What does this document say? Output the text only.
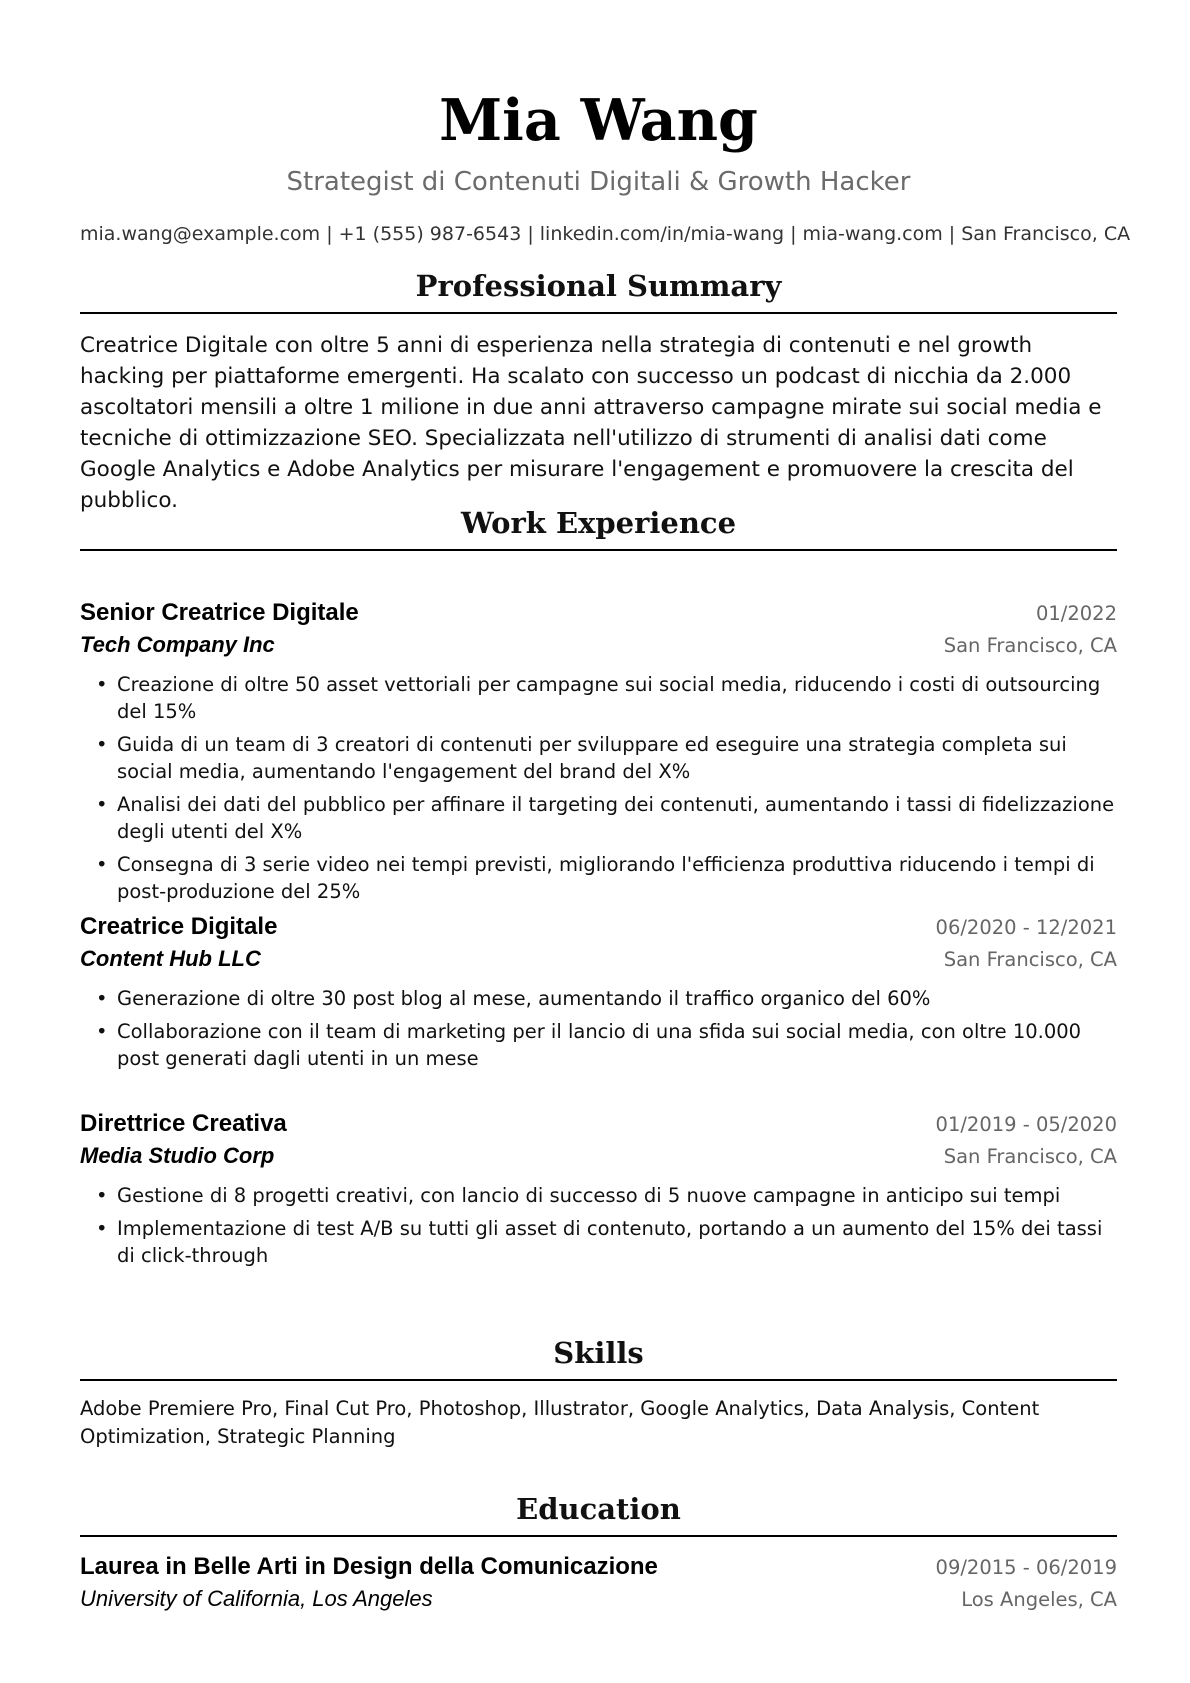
Mia Wang
Strategist di Contenuti Digitali & Growth Hacker
mia.wang@example.com | +1 (555) 987-6543 | linkedin.com/in/mia-wang | mia-wang.com | San Francisco, CA
Professional Summary

Creatrice Digitale con oltre 5 anni di esperienza nella strategia di contenuti e nel growth hacking per piattaforme emergenti. Ha scalato con successo un podcast di nicchia da 2.000 ascoltatori mensili a oltre 1 milione in due anni attraverso campagne mirate sui social media e tecniche di ottimizzazione SEO. Specializzata nell'utilizzo di strumenti di analisi dati come Google Analytics e Adobe Analytics per misurare l'engagement e promuovere la crescita del pubblico.

Work Experience
Senior Creatrice Digitale	01/2022
Tech Company Inc	San Francisco, CA
• Creazione di oltre 50 asset vettoriali per campagne sui social media, riducendo i costi di outsourcing del 15%
• Guida di un team di 3 creatori di contenuti per sviluppare ed eseguire una strategia completa sui social media, aumentando l'engagement del brand del X%
• Analisi dei dati del pubblico per affinare il targeting dei contenuti, aumentando i tassi di fidelizzazione degli utenti del X%
• Consegna di 3 serie video nei tempi previsti, migliorando l'efficienza produttiva riducendo i tempi di post-produzione del 25%
Creatrice Digitale	06/2020 - 12/2021
Content Hub LLC	San Francisco, CA
• Generazione di oltre 30 post blog al mese, aumentando il traffico organico del 60%
• Collaborazione con il team di marketing per il lancio di una sfida sui social media, con oltre 10.000 post generati dagli utenti in un mese
Direttrice Creativa	01/2019 - 05/2020
Media Studio Corp	San Francisco, CA
• Gestione di 8 progetti creativi, con lancio di successo di 5 nuove campagne in anticipo sui tempi
• Implementazione di test A/B su tutti gli asset di contenuto, portando a un aumento del 15% dei tassi di click-through
Skills

Adobe Premiere Pro, Final Cut Pro, Photoshop, Illustrator, Google Analytics, Data Analysis, Content Optimization, Strategic Planning

Education
Laurea in Belle Arti in Design della Comunicazione	09/2015 - 06/2019
University of California, Los Angeles	Los Angeles, CA
